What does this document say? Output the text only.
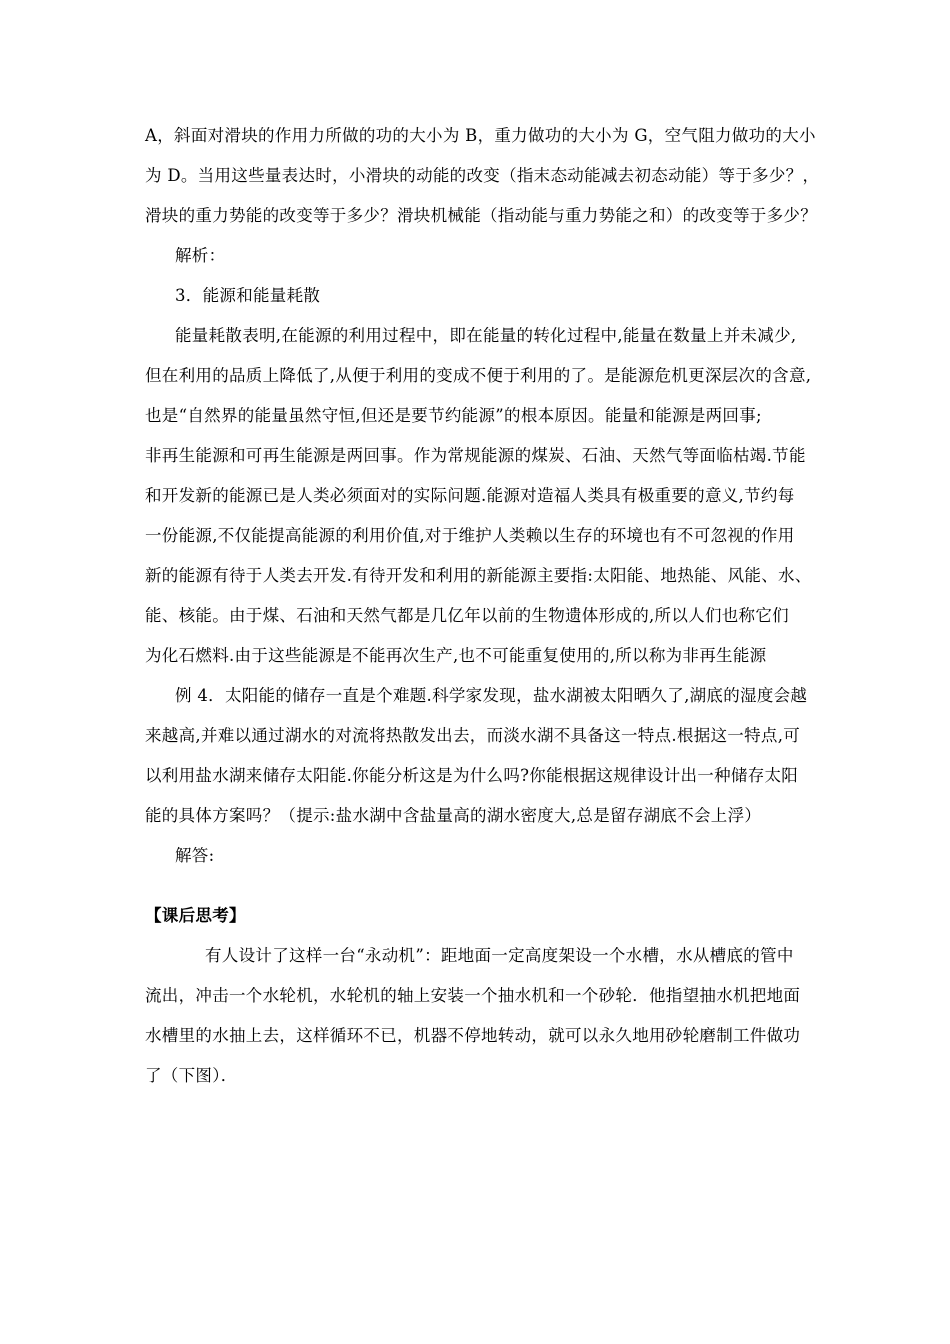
A，斜面对滑块的作用力所做的功的大小为 B，重力做功的大小为 G，空气阻力做功的大小
为 D。当用这些量表达时，小滑块的动能的改变（指末态动能减去初态动能）等于多少？，
滑块的重力势能的改变等于多少？滑块机械能（指动能与重力势能之和）的改变等于多少？
解析：
3．能源和能量耗散
能量耗散表明,在能源的利用过程中，即在能量的转化过程中,能量在数量上并未减少,
但在利用的品质上降低了,从便于利用的变成不便于利用的了。是能源危机更深层次的含意,
也是“自然界的能量虽然守恒,但还是要节约能源”的根本原因。能量和能源是两回事;
非再生能源和可再生能源是两回事。作为常规能源的煤炭、石油、天然气等面临枯竭.节能
和开发新的能源已是人类必须面对的实际问题.能源对造福人类具有极重要的意义,节约每
一份能源,不仅能提高能源的利用价值,对于维护人类赖以生存的环境也有不可忽视的作用
新的能源有待于人类去开发.有待开发和利用的新能源主要指:太阳能、地热能、风能、水、
能、核能。由于煤、石油和天然气都是几亿年以前的生物遗体形成的,所以人们也称它们
为化石燃料.由于这些能源是不能再次生产,也不可能重复使用的,所以称为非再生能源
例 4．太阳能的储存一直是个难题.科学家发现，盐水湖被太阳晒久了,湖底的湿度会越
来越高,并难以通过湖水的对流将热散发出去，而淡水湖不具备这一特点.根据这一特点,可
以利用盐水湖来储存太阳能.你能分析这是为什么吗?你能根据这规律设计出一种储存太阳
能的具体方案吗？（提示:盐水湖中含盐量高的湖水密度大,总是留存湖底不会上浮）
解答:
【课后思考】
有人设计了这样一台“永动机”：距地面一定高度架设一个水槽，水从槽底的管中
流出，冲击一个水轮机，水轮机的轴上安装一个抽水机和一个砂轮．他指望抽水机把地面
水槽里的水抽上去，这样循环不已，机器不停地转动，就可以永久地用砂轮磨制工件做功
了（下图）．
